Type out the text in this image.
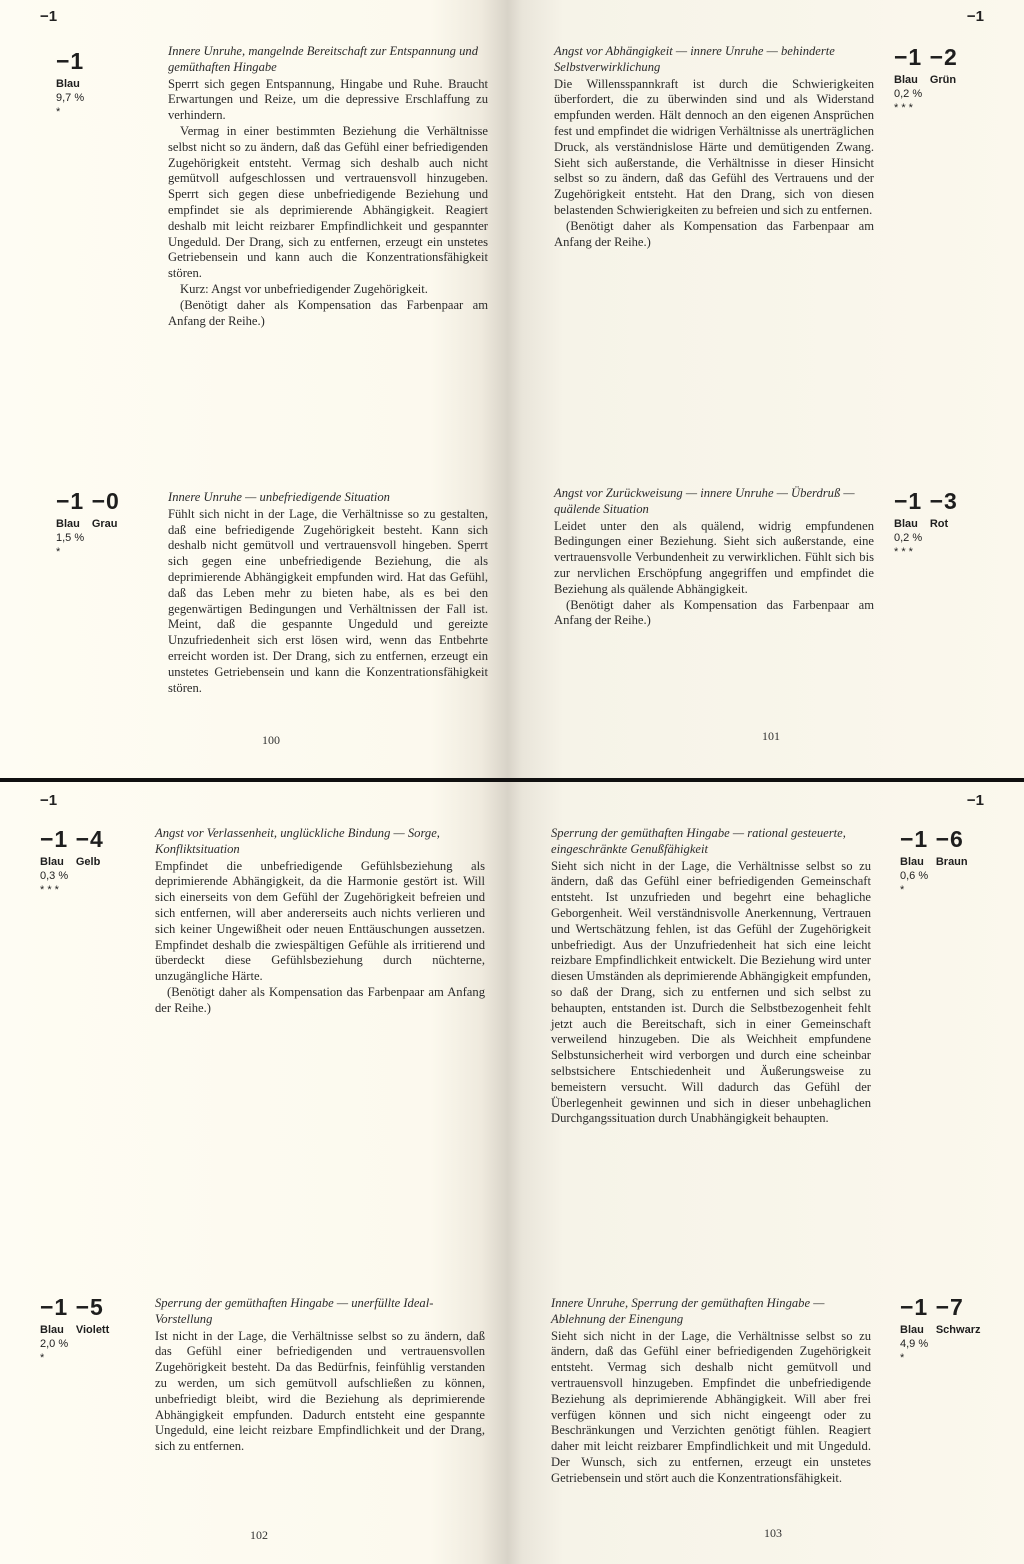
−1	−1
−1
Blau
9,7 %
*
Innere Unruhe, mangelnde Bereitschaft zur Entspannung und gemüthaften Hingabe

Sperrt sich gegen Entspannung, Hingabe und Ruhe. Braucht Erwartungen und Reize, um die depressive Erschlaffung zu verhindern.

Vermag in einer bestimmten Beziehung die Verhältnisse selbst nicht so zu ändern, daß das Gefühl einer befriedigenden Zugehörigkeit entsteht. Vermag sich deshalb auch nicht gemütvoll aufgeschlossen und vertrauensvoll hinzugeben. Sperrt sich gegen diese unbefriedigende Beziehung und empfindet sie als deprimierende Abhängigkeit. Reagiert deshalb mit leicht reizbarer Empfindlichkeit und gespannter Ungeduld. Der Drang, sich zu entfernen, erzeugt ein unstetes Getriebensein und kann auch die Konzentrationsfähigkeit stören.

Kurz: Angst vor unbefriedigender Zugehörigkeit.

(Benötigt daher als Kompensation das Farbenpaar am Anfang der Reihe.)

−1 −0
Blau Grau
1,5 %
*
Innere Unruhe — unbefriedigende Situation

Fühlt sich nicht in der Lage, die Verhältnisse so zu gestalten, daß eine befriedigende Zugehörigkeit besteht. Kann sich deshalb nicht gemütvoll und vertrauensvoll hingeben. Sperrt sich gegen eine unbefriedigende Beziehung, die als deprimierende Abhängigkeit empfunden wird. Hat das Gefühl, daß das Leben mehr zu bieten habe, als es bei den gegenwärtigen Bedingungen und Verhältnissen der Fall ist. Meint, daß die gespannte Ungeduld und gereizte Unzufriedenheit sich erst lösen wird, wenn das Entbehrte erreicht worden ist. Der Drang, sich zu entfernen, erzeugt ein unstetes Getriebensein und kann die Konzentrationsfähigkeit stören.

100
Angst vor Abhängigkeit — innere Unruhe — behinderte Selbstverwirklichung

Die Willensspannkraft ist durch die Schwierigkeiten überfordert, die zu überwinden sind und als Widerstand empfunden werden. Hält dennoch an den eigenen Ansprüchen fest und empfindet die widrigen Verhältnisse als unerträglichen Druck, als verständnislose Härte und demütigenden Zwang. Sieht sich außerstande, die Verhältnisse in dieser Hinsicht selbst so zu ändern, daß das Gefühl des Vertrauens und der Zugehörigkeit entsteht. Hat den Drang, sich von diesen belastenden Schwierigkeiten zu befreien und sich zu entfernen.

(Benötigt daher als Kompensation das Farbenpaar am Anfang der Reihe.)

−1 −2
Blau Grün
0,2 %
* * *
Angst vor Zurückweisung — innere Unruhe — Überdruß — quälende Situation

Leidet unter den als quälend, widrig empfundenen Bedingungen einer Beziehung. Sieht sich außerstande, eine vertrauensvolle Verbundenheit zu verwirklichen. Fühlt sich bis zur nervlichen Erschöpfung angegriffen und empfindet die Beziehung als quälende Abhängigkeit.

(Benötigt daher als Kompensation das Farbenpaar am Anfang der Reihe.)

−1 −3
Blau Rot
0,2 %
* * *
101
−1	−1
−1 −4
Blau Gelb
0,3 %
* * *
Angst vor Verlassenheit, unglückliche Bindung — Sorge, Konfliktsituation

Empfindet die unbefriedigende Gefühlsbeziehung als deprimierende Abhängigkeit, da die Harmonie gestört ist. Will sich einerseits von dem Gefühl der Zugehörigkeit befreien und sich entfernen, will aber andererseits auch nichts verlieren und sich keiner Ungewißheit oder neuen Enttäuschungen aussetzen. Empfindet deshalb die zwiespältigen Gefühle als irritierend und überdeckt diese Gefühlsbeziehung durch nüchterne, unzugängliche Härte.

(Benötigt daher als Kompensation das Farbenpaar am Anfang der Reihe.)

−1 −5
Blau Violett
2,0 %
*
Sperrung der gemüthaften Hingabe — unerfüllte Ideal-Vorstellung

Ist nicht in der Lage, die Verhältnisse selbst so zu ändern, daß das Gefühl einer befriedigenden und vertrauensvollen Zugehörigkeit besteht. Da das Bedürfnis, feinfühlig verstanden zu werden, um sich gemütvoll aufschließen zu können, unbefriedigt bleibt, wird die Beziehung als deprimierende Abhängigkeit empfunden. Dadurch entsteht eine gespannte Ungeduld, eine leicht reizbare Empfindlichkeit und der Drang, sich zu entfernen.

102
Sperrung der gemüthaften Hingabe — rational gesteuerte, eingeschränkte Genußfähigkeit

Sieht sich nicht in der Lage, die Verhältnisse selbst so zu ändern, daß das Gefühl einer befriedigenden Gemeinschaft entsteht. Ist unzufrieden und begehrt eine behagliche Geborgenheit. Weil verständnisvolle Anerkennung, Vertrauen und Wertschätzung fehlen, ist das Gefühl der Zugehörigkeit unbefriedigt. Aus der Unzufriedenheit hat sich eine leicht reizbare Empfindlichkeit entwickelt. Die Beziehung wird unter diesen Umständen als deprimierende Abhängigkeit empfunden, so daß der Drang, sich zu entfernen und sich selbst zu behaupten, entstanden ist. Durch die Selbstbezogenheit fehlt jetzt auch die Bereitschaft, sich in einer Gemeinschaft verweilend hinzugeben. Die als Weichheit empfundene Selbstunsicherheit wird verborgen und durch eine scheinbar selbstsichere Entschiedenheit und Äußerungsweise zu bemeistern versucht. Will dadurch das Gefühl der Überlegenheit gewinnen und sich in dieser unbehaglichen Durchgangssituation durch Unabhängigkeit behaupten.

−1 −6
Blau Braun
0,6 %
*
Innere Unruhe, Sperrung der gemüthaften Hingabe — Ablehnung der Einengung

Sieht sich nicht in der Lage, die Verhältnisse selbst so zu ändern, daß das Gefühl einer befriedigenden Zugehörigkeit entsteht. Vermag sich deshalb nicht gemütvoll und vertrauensvoll hinzugeben. Empfindet die unbefriedigende Beziehung als deprimierende Abhängigkeit. Will aber frei verfügen können und sich nicht eingeengt oder zu Beschränkungen und Verzichten genötigt fühlen. Reagiert daher mit leicht reizbarer Empfindlichkeit und mit Ungeduld. Der Wunsch, sich zu entfernen, erzeugt ein unstetes Getriebensein und stört auch die Konzentrationsfähigkeit.

−1 −7
Blau Schwarz
4,9 %
*
103
